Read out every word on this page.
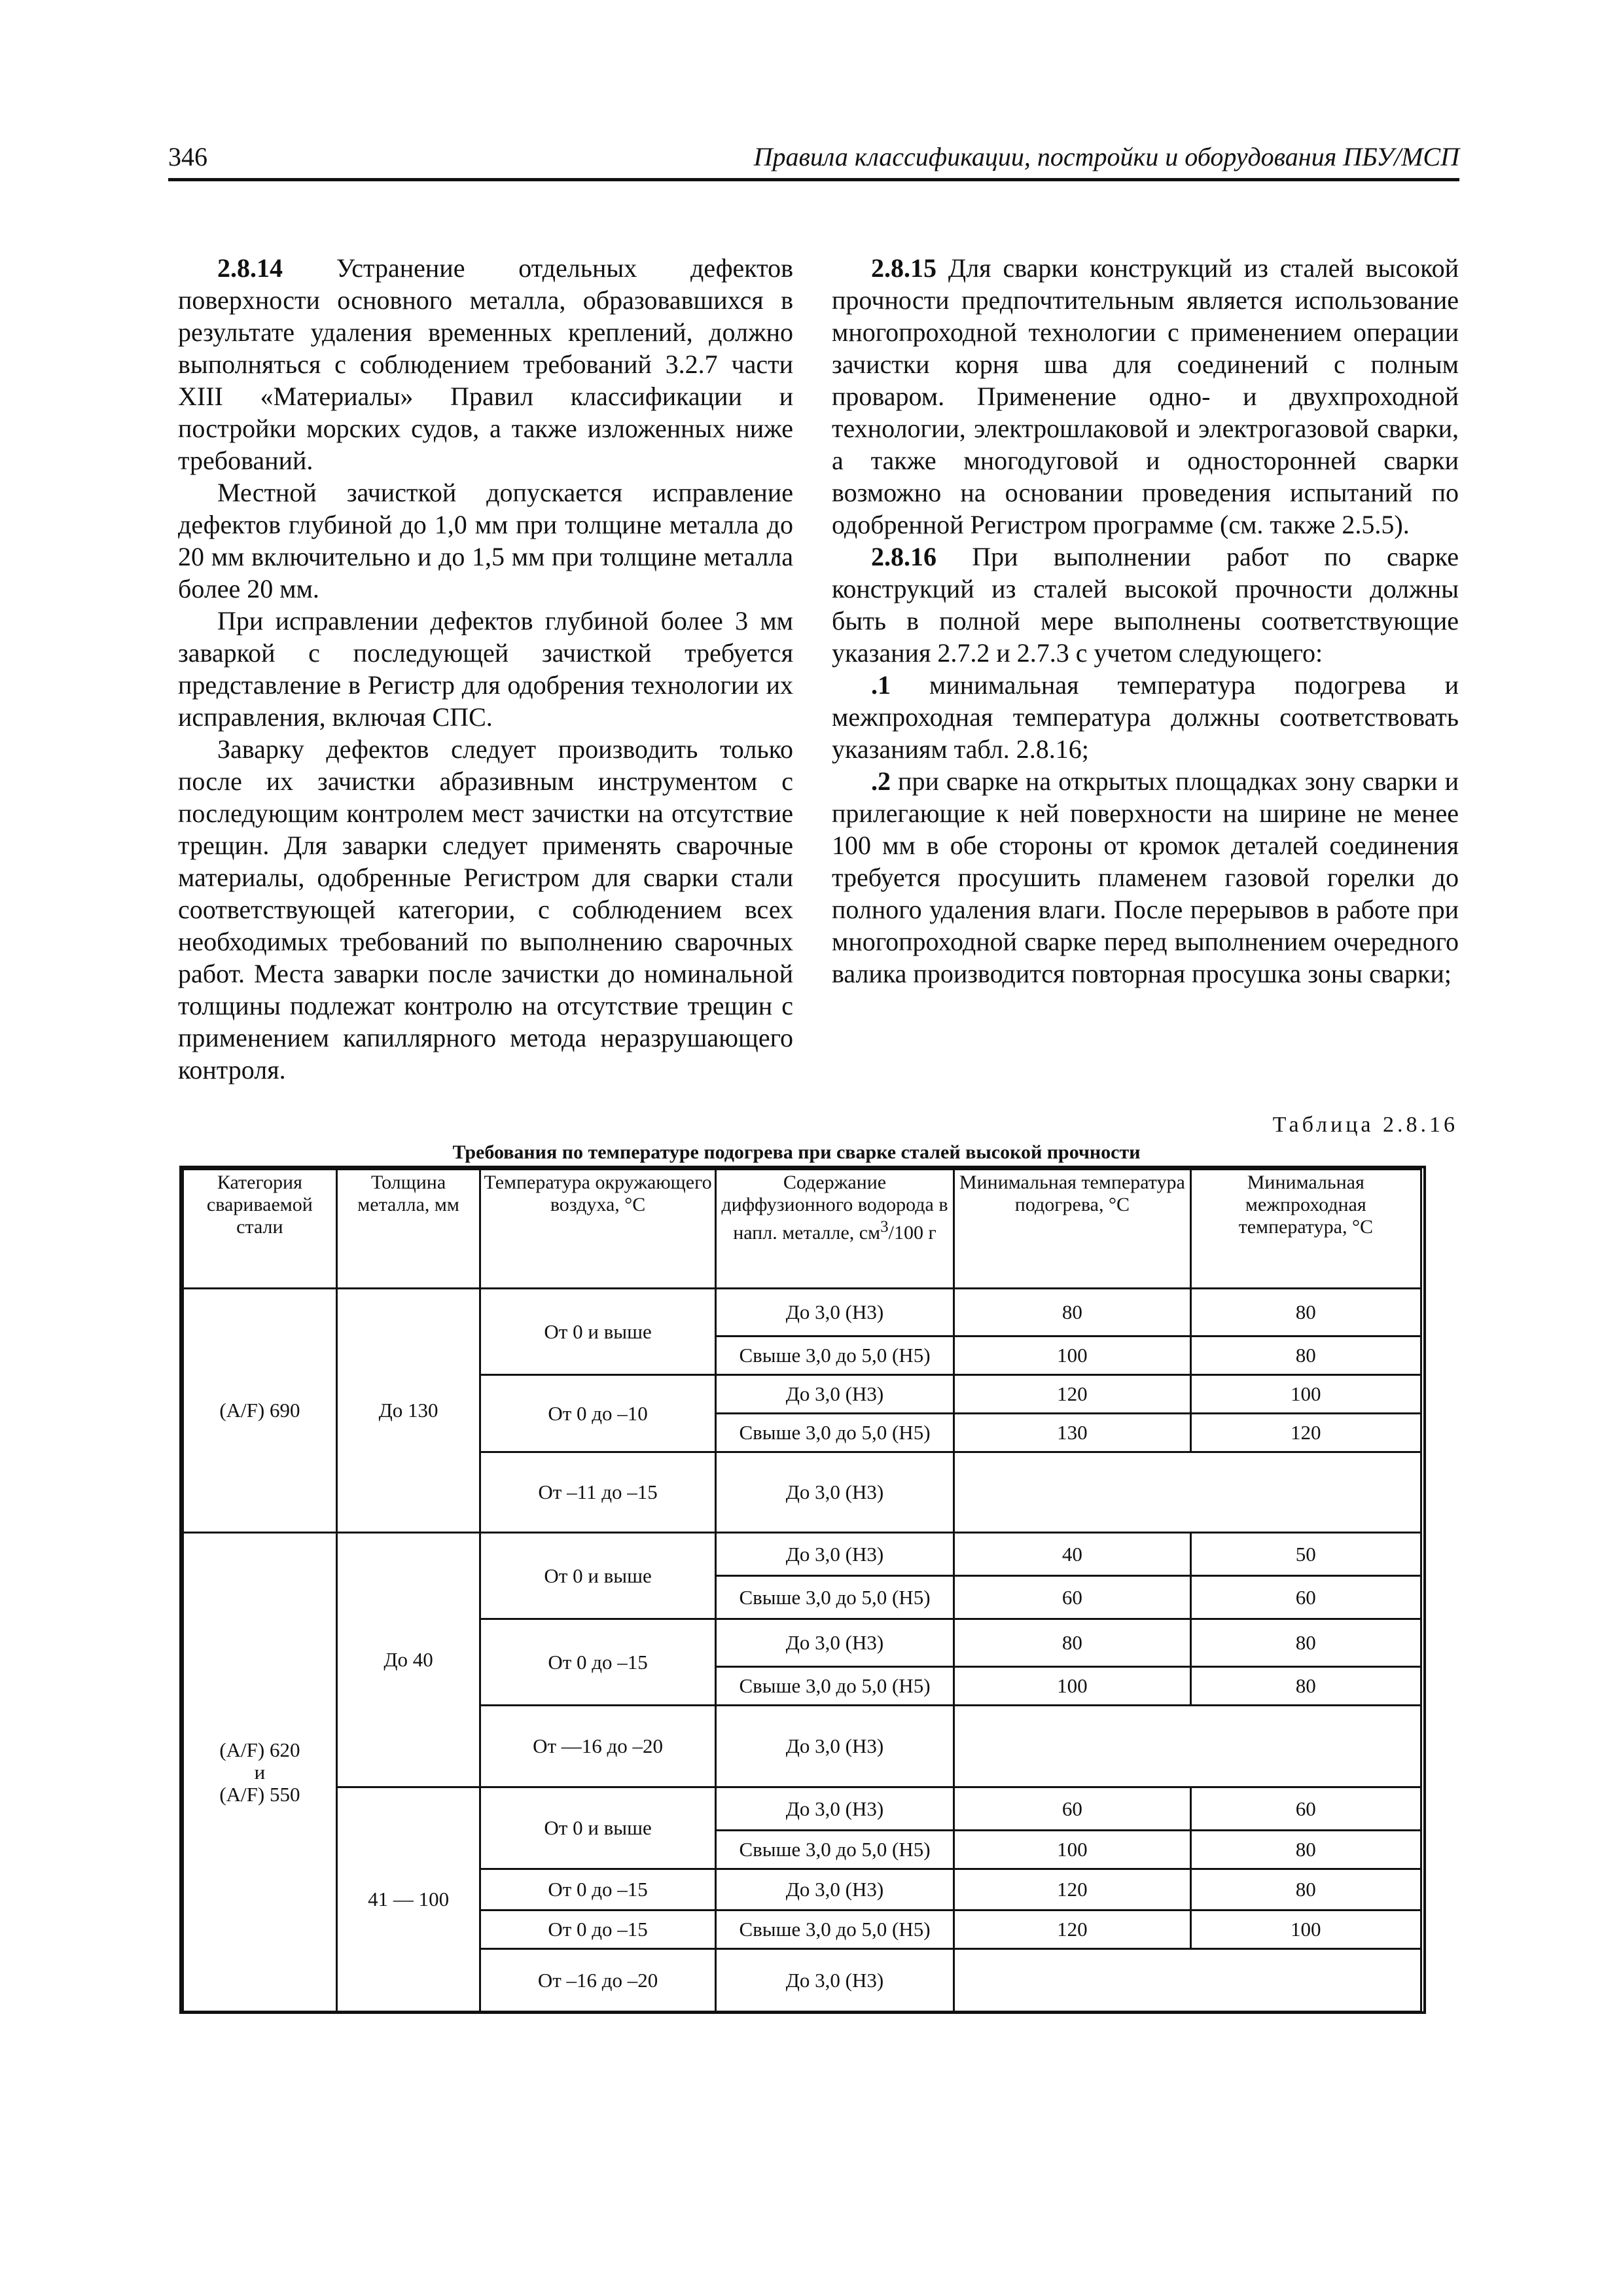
346	Правила классификации, постройки и оборудования ПБУ/МСП

2.8.14 Устранение отдельных дефектов поверхности основного металла, образовавшихся в результате удаления временных креплений, должно выполняться с соблюдением требований 3.2.7 части XIII «Материалы» Правил классификации и постройки морских судов, а также изложенных ниже требований.

Местной зачисткой допускается исправление дефектов глубиной до 1,0 мм при толщине металла до 20 мм включительно и до 1,5 мм при толщине металла более 20 мм.

При исправлении дефектов глубиной более 3 мм заваркой с последующей зачисткой требуется представление в Регистр для одобрения технологии их исправления, включая СПС.

Заварку дефектов следует производить только после их зачистки абразивным инструментом с последующим контролем мест зачистки на отсутствие трещин. Для заварки следует применять сварочные материалы, одобренные Регистром для сварки стали соответствующей категории, с соблюдением всех необходимых требований по выполнению сварочных работ. Места заварки после зачистки до номинальной толщины подлежат контролю на отсутствие трещин с применением капиллярного метода неразрушающего контроля.

2.8.15 Для сварки конструкций из сталей высокой прочности предпочтительным является использование многопроходной технологии с применением операции зачистки корня шва для соединений с полным проваром. Применение одно- и двухпроходной технологии, электрошлаковой и электрогазовой сварки, а также многодуговой и односторонней сварки возможно на основании проведения испытаний по одобренной Регистром программе (см. также 2.5.5).

2.8.16 При выполнении работ по сварке конструкций из сталей высокой прочности должны быть в полной мере выполнены соответствующие указания 2.7.2 и 2.7.3 с учетом следующего:

.1 минимальная температура подогрева и межпроходная температура должны соответствовать указаниям табл. 2.8.16;

.2 при сварке на открытых площадках зону сварки и прилегающие к ней поверхности на ширине не менее 100 мм в обе стороны от кромок деталей соединения требуется просушить пламенем газовой горелки до полного удаления влаги. После перерывов в работе при многопроходной сварке перед выполнением очередного валика производится повторная просушка зоны сварки;

Таблица 2.8.16
Требования по температуре подогрева при сварке сталей высокой прочности
Категория свариваемой стали	Толщина металла, мм	Температура окружающего воздуха, °С	Содержание диффузионного водорода в напл. металле, $см^3/100$ г	Минимальная температура подогрева, °С	Минимальная межпроходная температура, °С
(A/F) 690	До 130	От 0 и выше	До 3,0 (Н3)	80	80
			Свыше 3,0 до 5,0 (Н5)	100	80
		От 0 до –10	До 3,0 (Н3)	120	100
			Свыше 3,0 до 5,0 (Н5)	130	120
		От –11 до –15	До 3,0 (Н3)		
(A/F) 620
и
(A/F) 550	До 40	От 0 и выше	До 3,0 (Н3)	40	50
			Свыше 3,0 до 5,0 (Н5)	60	60
		От 0 до –15	До 3,0 (Н3)	80	80
			Свыше 3,0 до 5,0 (Н5)	100	80
		От —16 до –20	До 3,0 (Н3)		
	41 — 100	От 0 и выше	До 3,0 (Н3)	60	60
			Свыше 3,0 до 5,0 (Н5)	100	80
		От 0 до –15	До 3,0 (Н3)	120	80
		От 0 до –15	Свыше 3,0 до 5,0 (Н5)	120	100
		От –16 до –20	До 3,0 (Н3)		
